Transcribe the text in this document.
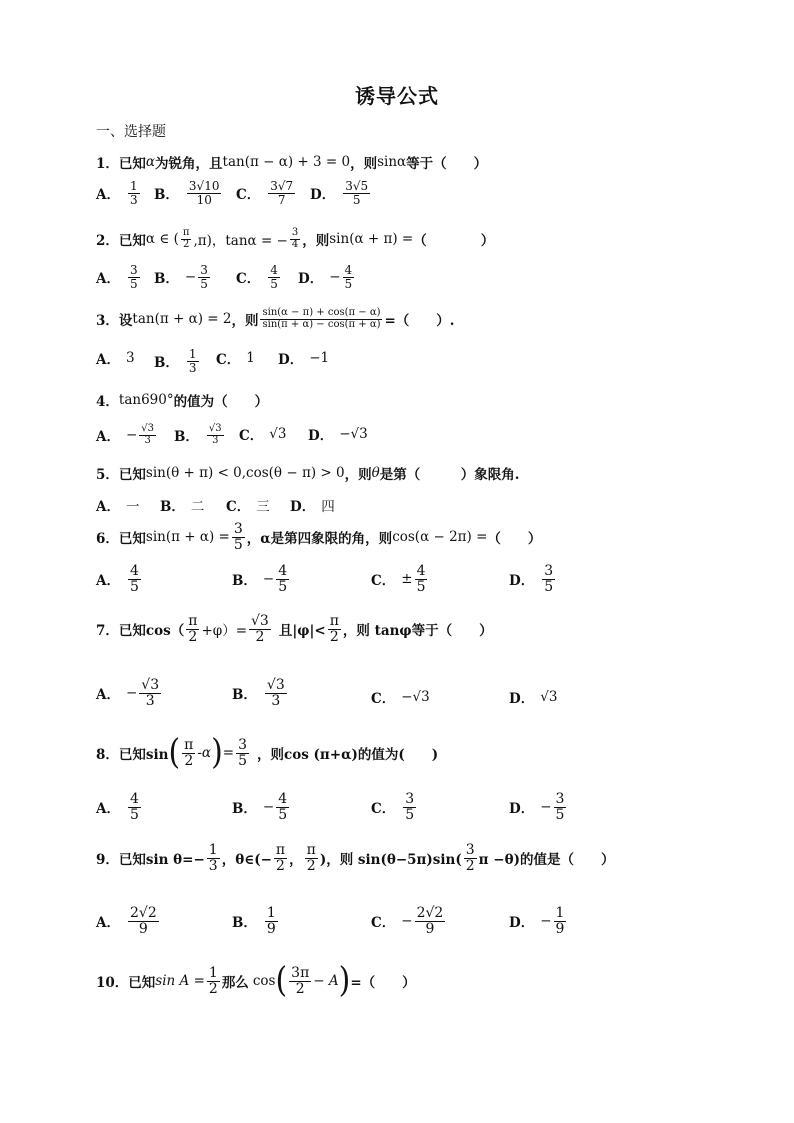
诱导公式
一、选择题
1． 已知 α 为锐角，且 tan(π − α) + 3 = 0 ，则 sinα 等于（　　）
A． $\frac{1}{3}$ B． $\frac{3√10}{10}$ C． $\frac{3√7}{7}$ D． $\frac{3√5}{5}$
2． 已知 α ∈ ( $\frac{\pi}{2} ,\pi$)，tanα = − $\frac{3}{4}$ ，则 sin(α + π) = （　　　　）
A． $\frac{3}{5}$ B． − $\frac{3}{5}$ C． $\frac{4}{5}$ D． − $\frac{4}{5}$
3． 设 tan(π + α) = 2 ，则 $\frac{\sin(\alpha - \pi) + \cos(\pi - \alpha)}{\sin(\pi + \alpha) - \cos(\pi + \alpha)}$ =（　　）.
A． 3 B． $\frac{1}{3}$ C． 1 D． −1
4． tan690° 的值为（　　）
A． − $\frac{√3}{3}$ B． $\frac{√3}{3}$ C． √3 D． −√3
5． 已知 sin(θ + π) < 0,cos(θ − π) > 0 ，则 θ 是第（　　　）象限角.
A． 一 B． 二 C． 三 D． 四
6． 已知 $\sin(\pi + \alpha) = \frac{3}{5}$ ，α是第四象限的角，则 cos(α − 2π) = （　　）
A． $\frac{4}{5}$	B． − $\frac{4}{5}$	C． ± $\frac{4}{5}$	D． $\frac{3}{5}$
7． 已知$\cos( \frac{\pi}{2} +\varphi)= \frac{√3}{2}$ 且$|\varphi|< \frac{\pi}{2}$ ，则 tanφ等于（　　）
A． − $\frac{√3}{3}$	B． $\frac{√3}{3}$	C． −√3	D． √3
8． 已知sin ( $\frac{\pi}{2} -\alpha$ ) = $\frac{3}{5}$ ，则cos (π+α)的值为(　　)
A． $\frac{4}{5}$	B． − $\frac{4}{5}$	C． $\frac{3}{5}$	D． − $\frac{3}{5}$
9． 已知$\sin \theta=- \frac{1}{3}$ ，θ∈(− $\frac{\pi}{2}$ ， $\frac{\pi}{2}$ )，则 $\sin(\theta-5\pi)\sin( \frac{3}{2}$ π −θ)的值是（　　）
A． $\frac{2√2}{9}$	B． $\frac{1}{9}$	C． − $\frac{2√2}{9}$	D． − $\frac{1}{9}$
10． 已知 $\sin A = \frac{1}{2}$ 那么 cos ( $\frac{3\pi}{2} - A$ ) =（　　）
